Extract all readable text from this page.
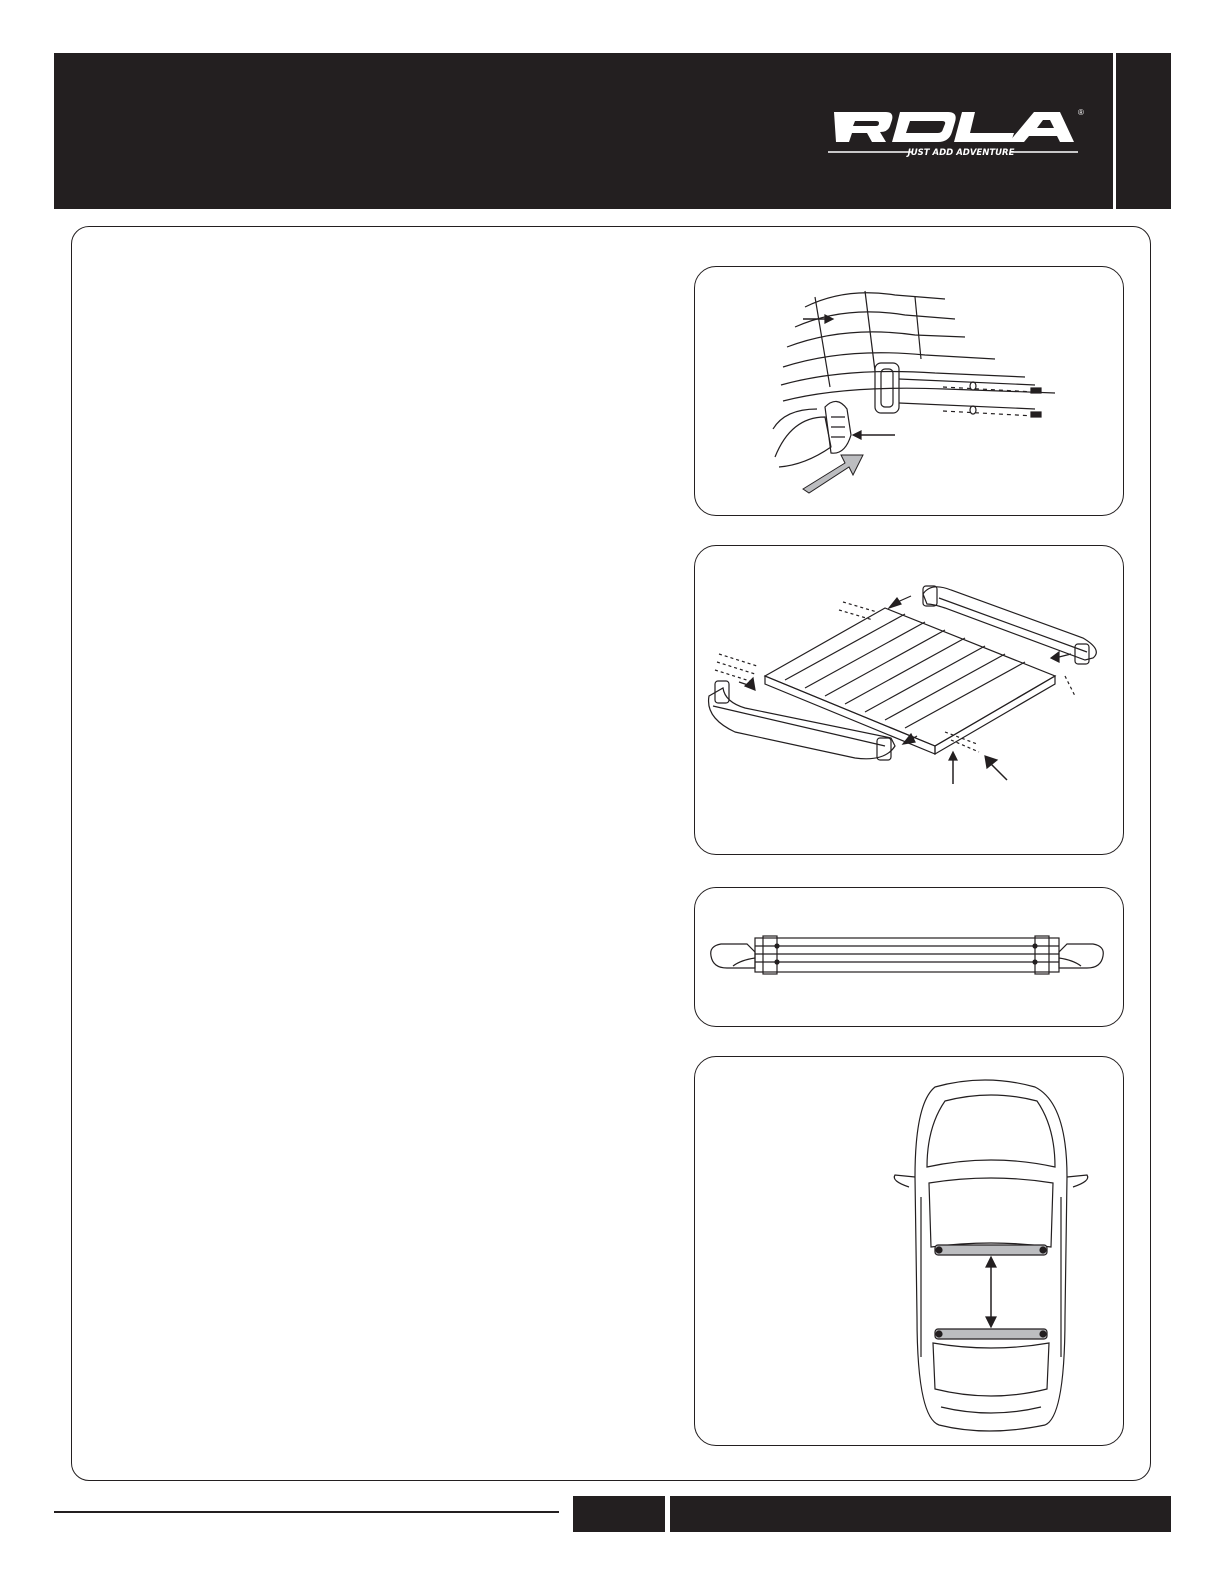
®
JUST ADD ADVENTURE
